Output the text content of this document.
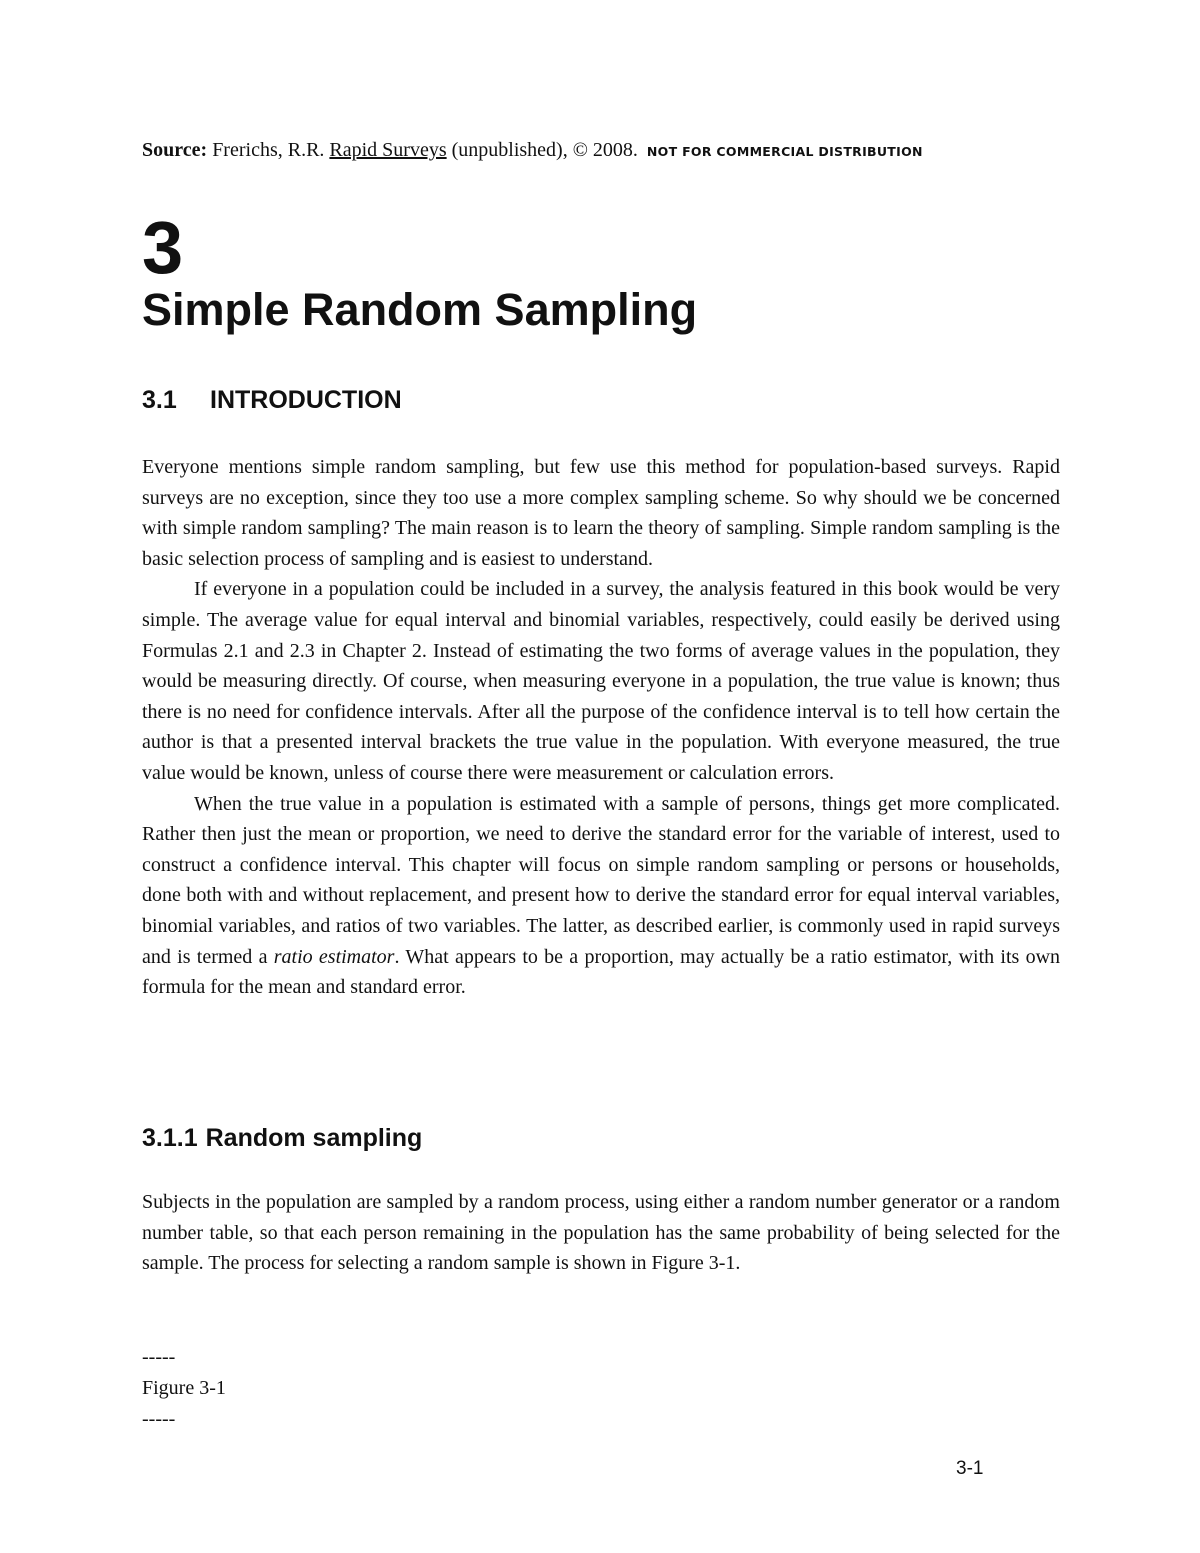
Source: Frerichs, R.R. Rapid Surveys (unpublished), © 2008. NOT FOR COMMERCIAL DISTRIBUTION
3
Simple Random Sampling
3.1 INTRODUCTION

Everyone mentions simple random sampling, but few use this method for population-based surveys. Rapid surveys are no exception, since they too use a more complex sampling scheme. So why should we be concerned with simple random sampling? The main reason is to learn the theory of sampling. Simple random sampling is the basic selection process of sampling and is easiest to understand.

If everyone in a population could be included in a survey, the analysis featured in this book would be very simple. The average value for equal interval and binomial variables, respectively, could easily be derived using Formulas 2.1 and 2.3 in Chapter 2. Instead of estimating the two forms of average values in the population, they would be measuring directly. Of course, when measuring everyone in a population, the true value is known; thus there is no need for confidence intervals. After all the purpose of the confidence interval is to tell how certain the author is that a presented interval brackets the true value in the population. With everyone measured, the true value would be known, unless of course there were measurement or calculation errors.

When the true value in a population is estimated with a sample of persons, things get more complicated. Rather then just the mean or proportion, we need to derive the standard error for the variable of interest, used to construct a confidence interval. This chapter will focus on simple random sampling or persons or households, done both with and without replacement, and present how to derive the standard error for equal interval variables, binomial variables, and ratios of two variables. The latter, as described earlier, is commonly used in rapid surveys and is termed a ratio estimator. What appears to be a proportion, may actually be a ratio estimator, with its own formula for the mean and standard error.

3.1.1 Random sampling

Subjects in the population are sampled by a random process, using either a random number generator or a random number table, so that each person remaining in the population has the same probability of being selected for the sample. The process for selecting a random sample is shown in Figure 3-1.

-----
Figure 3-1
-----
3-1
